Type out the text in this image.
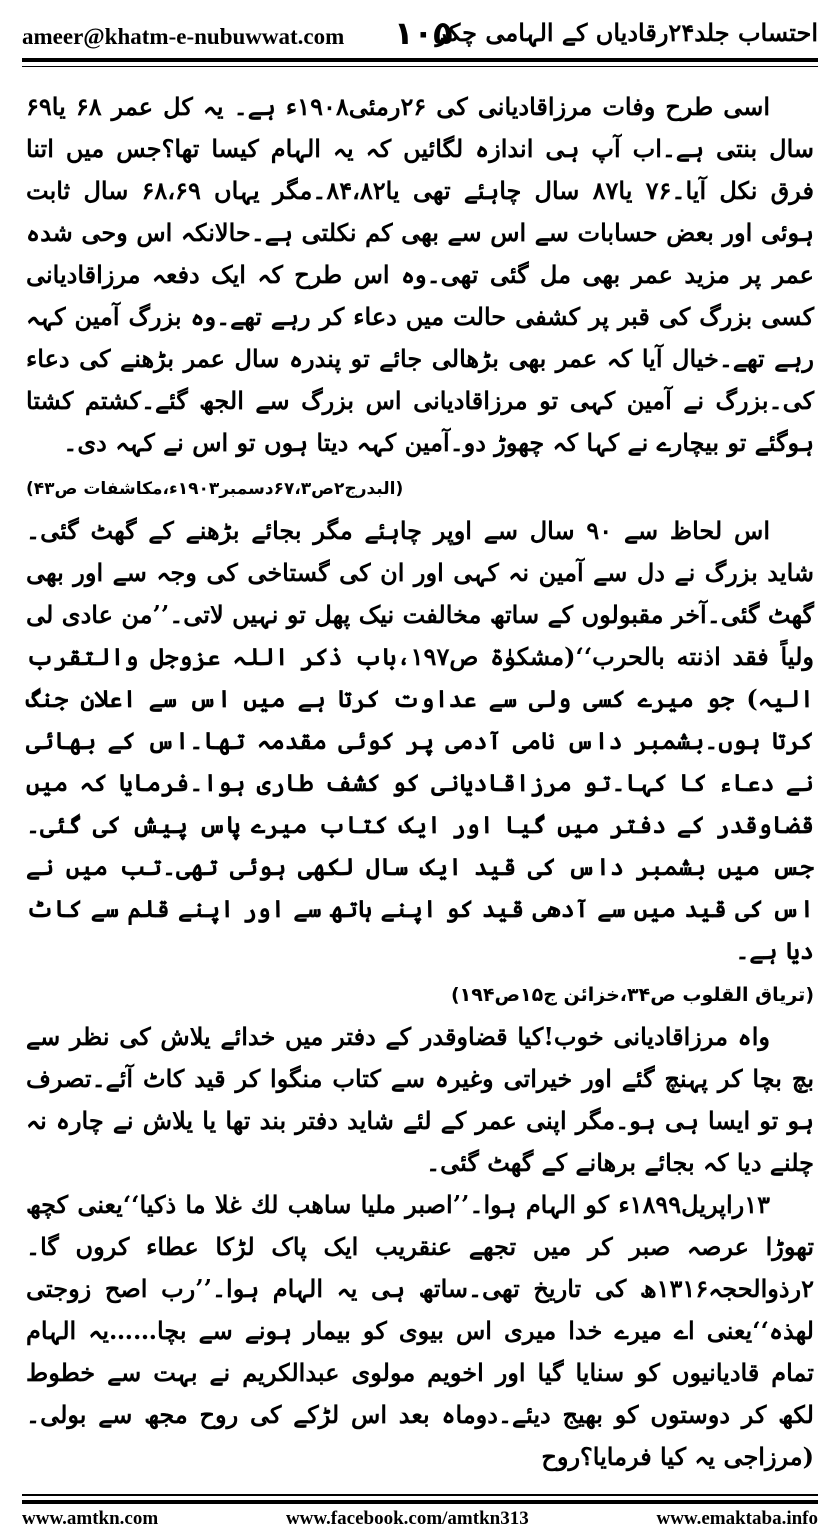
ameer@khatm-e-nubuwwat.com ۱۰۵
احتساب جلد۲۴رقادیاں کے الہامی چکر

اسی طرح وفات مرزاقادیانی کی ۲۶رمئی۱۹۰۸ء ہے۔ یہ کل عمر ۶۸ یا۶۹ سال بنتی ہے۔اب آپ ہی اندازہ لگائیں کہ یہ الہام کیسا تھا؟جس میں اتنا فرق نکل آیا۔۷۶ یا۸۷ سال چاہئے تھی یا۸۴،۸۲۔مگر یہاں ۶۸،۶۹ سال ثابت ہوئی اور بعض حسابات سے اس سے بھی کم نکلتی ہے۔حالانکہ اس وحی شدہ عمر پر مزید عمر بھی مل گئی تھی۔وہ اس طرح کہ ایک دفعہ مرزاقادیانی کسی بزرگ کی قبر پر کشفی حالت میں دعاء کر رہے تھے۔وہ بزرگ آمین کہہ رہے تھے۔خیال آیا کہ عمر بھی بڑھالی جائے تو پندرہ سال عمر بڑھنے کی دعاء کی۔بزرگ نے آمین کہی تو مرزاقادیانی اس بزرگ سے الجھ گئے۔کشتم کشتا ہوگئے تو بیچارے نے کہا کہ چھوڑ دو۔آمین کہہ دیتا ہوں تو اس نے کہہ دی۔
(البدرج۲ص۶۷،۳دسمبر۱۹۰۳ء،مکاشفات ص۴۳)

اس لحاظ سے ۹۰ سال سے اوپر چاہئے مگر بجائے بڑھنے کے گھٹ گئی۔شاید بزرگ نے دل سے آمین نہ کہی اور ان کی گستاخی کی وجہ سے اور بھی گھٹ گئی۔آخر مقبولوں کے ساتھ مخالفت نیک پھل تو نہیں لاتی۔’’من عادی لی ولیاً فقد اذنته بالحرب‘‘(مشکوٰۃ ص۱۹۷،باب ذکر اللہ عزوجل والتقرب الیہ) جو میرے کسی ولی سے عداوت کرتا ہے میں اس سے اعلان جنگ کرتا ہوں۔بشمبر داس نامی آدمی پر کوئی مقدمہ تھا۔اس کے بھائی نے دعاء کا کہا۔تو مرزاقادیانی کو کشف طاری ہوا۔فرمایا کہ میں قضاوقدر کے دفتر میں گیا اور ایک کتاب میرے پاس پیش کی گئی۔جس میں بشمبر داس کی قید ایک سال لکھی ہوئی تھی۔تب میں نے اس کی قید میں سے آدھی قید کو اپنے ہاتھ سے اور اپنے قلم سے کاٹ دیا ہے۔

(تریاق القلوب ص۳۴،خزائن ج۱۵ص۱۹۴)

واہ مرزاقادیانی خوب!کیا قضاوقدر کے دفتر میں خدائے یلاش کی نظر سے بچ بچا کر پہنچ گئے اور خیراتی وغیرہ سے کتاب منگوا کر قید کاٹ آئے۔تصرف ہو تو ایسا ہی ہو۔مگر اپنی عمر کے لئے شاید دفتر بند تھا یا یلاش نے چارہ نہ چلنے دیا کہ بجائے برھانے کے گھٹ گئی۔

۱۳راپریل۱۸۹۹ء کو الہام ہوا۔’’اصبر مليا ساهب لك غلا ما ذكيا‘‘یعنی کچھ تھوڑا عرصہ صبر کر میں تجھے عنقریب ایک پاک لڑکا عطاء کروں گا۔۲رذوالحجہ۱۳۱۶ھ کی تاریخ تھی۔ساتھ ہی یہ الہام ہوا۔’’رب اصح زوجتی لهذہ‘‘یعنی اے میرے خدا میری اس بیوی کو بیمار ہونے سے بچا……یہ الہام تمام قادیانیوں کو سنایا گیا اور اخویم مولوی عبدالکریم نے بہت سے خطوط لکھ کر دوستوں کو بھیج دیئے۔دوماہ بعد اس لڑکے کی روح مجھ سے بولی۔(مرزاجی یہ کیا فرمایا؟روح

www.amtkn.com	www.facebook.com/amtkn313	www.emaktaba.info
